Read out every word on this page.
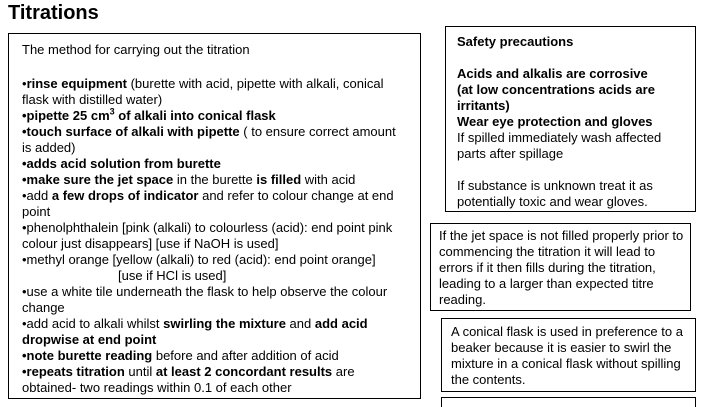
Titrations

The method for carrying out the titration

•rinse equipment (burette with acid, pipette with alkali, conical

flask with distilled water)

•pipette 25 $cm^3$ of alkali into conical flask

•touch surface of alkali with pipette ( to ensure correct amount

is added)

•adds acid solution from burette

•make sure the jet space in the burette is filled with acid

•add a few drops of indicator and refer to colour change at end

point

•phenolphthalein [pink (alkali) to colourless (acid): end point pink

colour just disappears] [use if NaOH is used]

•methyl orange [yellow (alkali) to red (acid): end point orange]

[use if HCl is used]

•use a white tile underneath the flask to help observe the colour

change

•add acid to alkali whilst swirling the mixture and add acid

dropwise at end point

•note burette reading before and after addition of acid

•repeats titration until at least 2 concordant results are

obtained- two readings within 0.1 of each other

Safety precautions

Acids and alkalis are corrosive

(at low concentrations acids are irritants)

Wear eye protection and gloves

If spilled immediately wash affected parts after spillage

If substance is unknown treat it as potentially toxic and wear gloves.

If the jet space is not filled properly prior to commencing the titration it will lead to errors if it then fills during the titration, leading to a larger than expected titre reading.
A conical flask is used in preference to a beaker because it is easier to swirl the mixture in a conical flask without spilling the contents.
